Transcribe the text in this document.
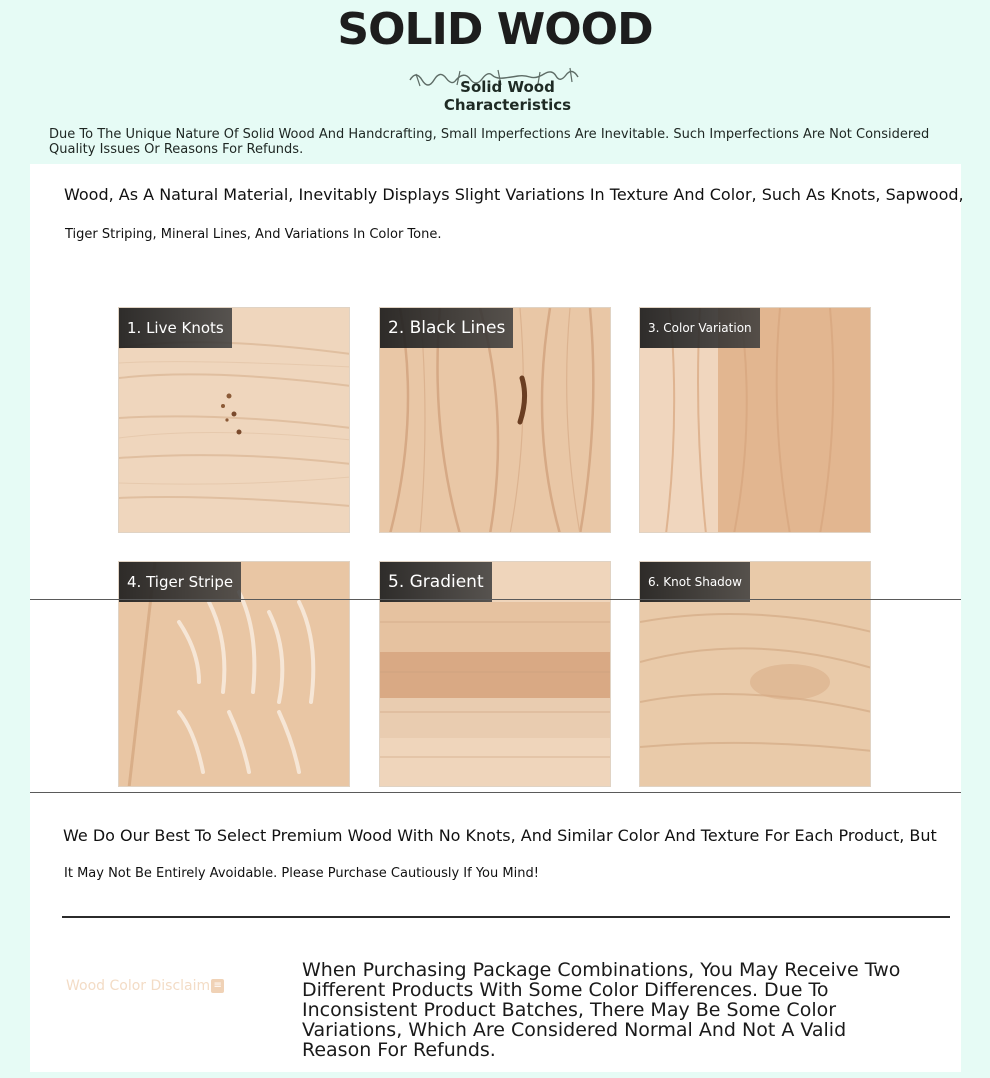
SOLID WOOD
Solid Wood Characteristics
Due To The Unique Nature Of Solid Wood And Handcrafting, Small Imperfections Are Inevitable. Such Imperfections Are Not Considered Quality Issues Or Reasons For Refunds.
Wood, As A Natural Material, Inevitably Displays Slight Variations In Texture And Color, Such As Knots, Sapwood,
Tiger Striping, Mineral Lines, And Variations In Color Tone.
1. Live Knots	2. Black Lines	3. Color Variation
4. Tiger Stripe	5. Gradient	6. Knot Shadow
We Do Our Best To Select Premium Wood With No Knots, And Similar Color And Texture For Each Product, But
It May Not Be Entirely Avoidable. Please Purchase Cautiously If You Mind!
Wood Color Disclaim ≡
When Purchasing Package Combinations, You May Receive Two Different Products With Some Color Differences. Due To Inconsistent Product Batches, There May Be Some Color Variations, Which Are Considered Normal And Not A Valid Reason For Refunds.
